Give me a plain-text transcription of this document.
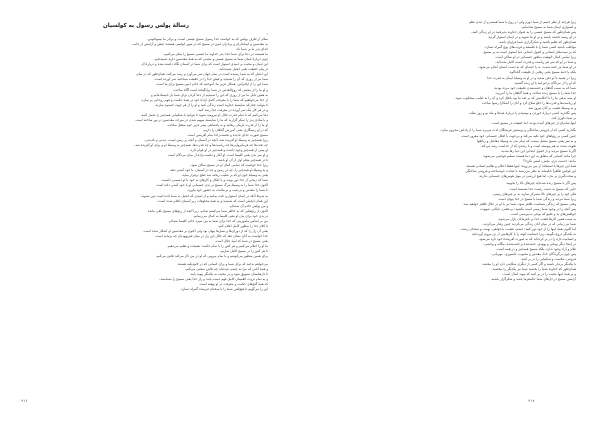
رسالهٔ پولس رسول به کولسیان
۱
سلام از طرف پولس که به خواست خدا رسول مسیح عیسی است، و برادر ما تیموتائوس،
به مقدسین و ایمانداران و برادران امین در مسیح که در شهر کولسی هستند: فیض و آرامش از جانب
خدای پدر ما بر شما باد.
ما همیشه در دعا برای شما خدا، پدر خداوند ما عیسی مسیح را شکر می‌کنیم،
چون دربارهٔ ایمان شما به مسیح عیسی و محبتی که به همهٔ مقدسین دارید شنیده‌ایم.
این ایمان و محبت بر امیدی استوار است که برای شما در آسمان نگاه داشته شده و دربارهٔ آن
در پیام حقیقت یعنی انجیل شنیده‌اید.
این انجیل که به شما رسیده است در تمام جهان ثمر می‌آورد و رشد می‌کند، همان‌طور که در میان
شما نیز از روزی که آن را شنیدید و فیض خدا را در حقیقت شناختید ثمر آورده است.
شما این را از اپافراس، همکار عزیز ما، آموختید که خادم امین مسیح برای ما است،
و او ما را از محبتی که روح‌القدس در شما برانگیخته است آگاه ساخت.
به همین دلیل ما نیز از روزی که این را شنیدیم از دعا کردن برای شما باز نایستاده‌ایم و
از خدا می‌خواهیم که شما را با معرفت کامل ارادهٔ خود در همهٔ حکمت و فهم روحانی پر سازد،
تا بتوانید چنان‌که شایستهٔ خداوند است زندگی کنید و او را از هر جهت خشنود سازید،
و در هر کار نیک ثمر آورده در معرفت خدا رشد کنید.
دعا می‌کنیم که با تمام قدرت جلال او نیرومند شوید تا بتوانید با شکیبایی همه‌چیز را تحمل کنید،
و با شادی پدر را شکر گزارید که ما را شایستهٔ سهیم شدن در میراث مقدسین در نور ساخته است.
او ما را از قدرت تاریکی رهانید و به پادشاهی پسر عزیز خود منتقل ساخت،
که در او رستگاری یعنی آمرزش گناهان را داریم.
مسیح صورت خدای نادیده و نخست‌زادهٔ تمام آفرینش است.
زیرا همه‌چیز به وسیلهٔ او آفریده شد، آنچه در آسمان و آنچه بر زمین است، دیدنی و نادیدنی،
چه تخت‌ها چه فرمانروایی‌ها چه ریاست‌ها و چه قدرت‌ها، همه‌چیز به وسیلهٔ او و برای او آفریده شد.
او پیش از همه‌چیز وجود داشت و همه‌چیز در او قوام دارد.
و او سر بدن یعنی کلیسا است. او آغاز و نخست‌زاده از میان مردگان است
تا در همه‌چیز مقام اول از آن او باشد.
زیرا خدا خواست که تمامی کمال او در مسیح ساکن شود،
و به وسیلهٔ او همه‌چیز را، چه در زمین و چه در آسمان، با خود آشتی دهد،
یعنی به وسیلهٔ خون او که بر صلیب ریخته شد صلح برقرار نماید.
شما که زمانی از خدا دور بودید و با افکار و کارهای بد خود با او دشمنی داشتید،
اکنون خدا شما را به وسیلهٔ مرگ مسیح در بدن جسمانی او با خود آشتی داده است
تا شما را مقدس و بی‌عیب و بی‌ملامت به حضور خود بیاورد،
به شرط آنکه در ایمان استوار و ثابت بمانید و از امیدی که انجیل به شما داده است دور نشوید.
این همان انجیلی است که شنیدید و به همهٔ مخلوقات زیر آسمان اعلام شده است،
و من پولس خادم آن شده‌ام.
اکنون از رنج‌هایی که به خاطر شما می‌کشم شادم، زیرا آنچه از رنج‌های مسیح باقی مانده
در بدن خود برای بدن او یعنی کلیسا به کمال می‌رسانم.
من بر اساس مأموریتی که خدا برای شما به من سپرد خادم کلیسا شده‌ام
تا کلام خدا را به‌طور کامل اعلام کنم،
یعنی آن راز را که از دوران‌ها و نسل‌ها پنهان بود ولی اکنون بر مقدسین او آشکار شده است.
خدا خواست به آنان نشان دهد که جلال این راز در میان غیریهودیان چه پرمایه است،
یعنی مسیح در شما که امید جلال است.
ما او را اعلام می‌کنیم و هر کس را با تمام حکمت نصیحت و تعلیم می‌دهیم
تا هر کس را در مسیح کامل سازیم.
برای همین منظور می‌کوشم و با تمام نیرویی که او در من کار می‌کند تلاش می‌کنم.
می‌خواهم بدانید که برای شما و برای کسانی که در لائودیکیه هستند
و همهٔ آنانی که مرا به چشم ندیده‌اند چه تلاش سختی می‌کنم،
تا دل‌هایشان تشویق شود و در محبت به یکدیگر پیوند یابند
و به تمام ثروت اطمینان کامل فهم دست یابند و راز خدا یعنی مسیح را بشناسند،
که همهٔ گنج‌های حکمت و معرفت در او نهفته است.
این را می‌گویم تا هیچ‌کس شما را با سخنان فریبنده گمراه نسازد.
۹۱۶
زیرا هرچند از نظر جسم از شما دورم ولی در روح با شما هستم و از دیدن نظم
و استواری ایمان شما به مسیح شادمانم.
پس همان‌طور که مسیح عیسی را به عنوان خداوند پذیرفتید در او زندگی کنید.
در او ریشه داشته باشید و بر او بنا شوید و در ایمان استوار گردید
همان‌طور که تعلیم یافتید و شکرگزاری شما فراوان باشد.
مواظب باشید کسی شما را با فلسفه و فریب‌های پوچ گمراه نسازد،
که بر سنت‌های انسانی و اصول ابتدایی دنیا استوار است نه بر مسیح.
زیرا تمامی کمال الوهیت به‌طور جسمانی در او ساکن است،
و شما در او که سر هر ریاست و قدرت است کامل شده‌اید.
در او شما نیز ختنه شدید، نه با ختنه‌ای که به دست انسان انجام می‌شود،
بلکه با ختنهٔ مسیح یعنی رهایی از طبیعت گناه‌آلود.
زیرا در تعمید با او دفن شدید و در او به وسیلهٔ ایمان به قدرت خدا
که او را از مردگان برخیزانید با او زنده گشتید.
شما که به سبب گناهان و ختنه‌نشدن طبیعت خود مرده بودید،
خدا شما را با مسیح زنده ساخت و همهٔ گناهان ما را آمرزید.
او سند بدهی ما را با احکامش که بر ضد ما بود باطل کرد و آن را به صلیب میخکوب نمود.
او ریاست‌ها و قدرت‌ها را خلع سلاح کرد و آنان را آشکارا رسوا ساخت
و به وسیلهٔ صلیب بر آنان پیروز شد.
پس نگذارید کسی دربارهٔ خوردن و نوشیدن یا دربارهٔ عیدها و ماه نو و روز سَبَّت
بر شما داوری کند.
اینها سایه‌ای از چیزهای آینده بودند، اما حقیقت در مسیح است.
نگذارید کسی که از فروتنی ساختگی و پرستش فرشتگان لذت می‌برد شما را از پاداش محروم سازد.
چنین کسی بر رؤیاهای خود تکیه می‌کند و بی‌جهت با افکار جسمانی خود مغرور است،
و به سر یعنی مسیح متصل نیست که تمام بدن به وسیلهٔ مفاصل و رباطها
تقویت شده به هم پیوسته است و با رشدی که از خداست رشد می‌کند.
اگر با مسیح مردید و از اصول ابتدایی این دنیا رها شدید،
چرا مانند کسانی که متعلق به این دنیا هستند تسلیم قوانینی می‌شوید
مانند: «دست نزن، نچش، لمس نکن»؟
همهٔ این چیزها با استفاده از بین می‌روند؛ اینها فقط احکام و تعالیم انسانی هستند.
این قوانین ظاهراً حکیمانه به نظر می‌رسند با عبادت خودساخته و فروتنی ساختگی
و سخت‌گیری بر بدن، اما هیچ ارزشی در مهار هوس‌های جسمانی ندارند.
پس اگر با مسیح زنده شده‌اید چیزهای بالا را بجویید،
جایی که مسیح به دست راست خدا نشسته است.
فکر خود را بر چیزهای بالا متمرکز سازید نه بر چیزهای زمینی،
زیرا شما مردید و زندگی شما با مسیح در خدا پنهان است.
وقتی مسیح که زندگی شماست ظاهر شود، شما نیز با او در جلال ظاهر خواهید شد.
پس آنچه را در وجود شما زمینی است بکشید: بی‌عفتی، ناپاکی، شهوت،
خواهش‌های بد و طمع که نوعی بت‌پرستی است.
به سبب همین کارها غضب خدا بر نافرمانان نازل می‌شود.
شما نیز زمانی که در میان آنان زندگی می‌کردید چنین رفتار می‌کردید.
اما اکنون همهٔ اینها را از خود دور کنید: خشم، غضب، بدخواهی، تهمت و سخنان زشت.
به یکدیگر دروغ نگویید، زیرا انسانیت کهنه را با کارهایش از تن بیرون آورده‌اید
و انسانیت تازه را در بر کرده‌اید که به صورت آفرینندهٔ خود تازه می‌شود.
در اینجا دیگر یونانی و یهودی، ختنه‌شده و ختنه‌نشده، بیگانه و وحشی،
غلام و آزاد وجود ندارد، بلکه مسیح همه‌چیز و در همه است.
پس چون برگزیدگان خدا، مقدس و محبوب، دلسوزی، مهربانی،
فروتنی، ملایمت و شکیبایی را در بر کنید.
با یکدیگر بردبار باشید و اگر کسی از دیگری شکایتی دارد او را ببخشد.
همان‌طور که خداوند شما را بخشید شما نیز یکدیگر را ببخشید.
و بر همهٔ اینها محبت را در بر کنید که پیوند کمال است.
آرامش مسیح در دل‌های شما حکمفرما باشد و شکرگزار باشید.
۹۱۷
